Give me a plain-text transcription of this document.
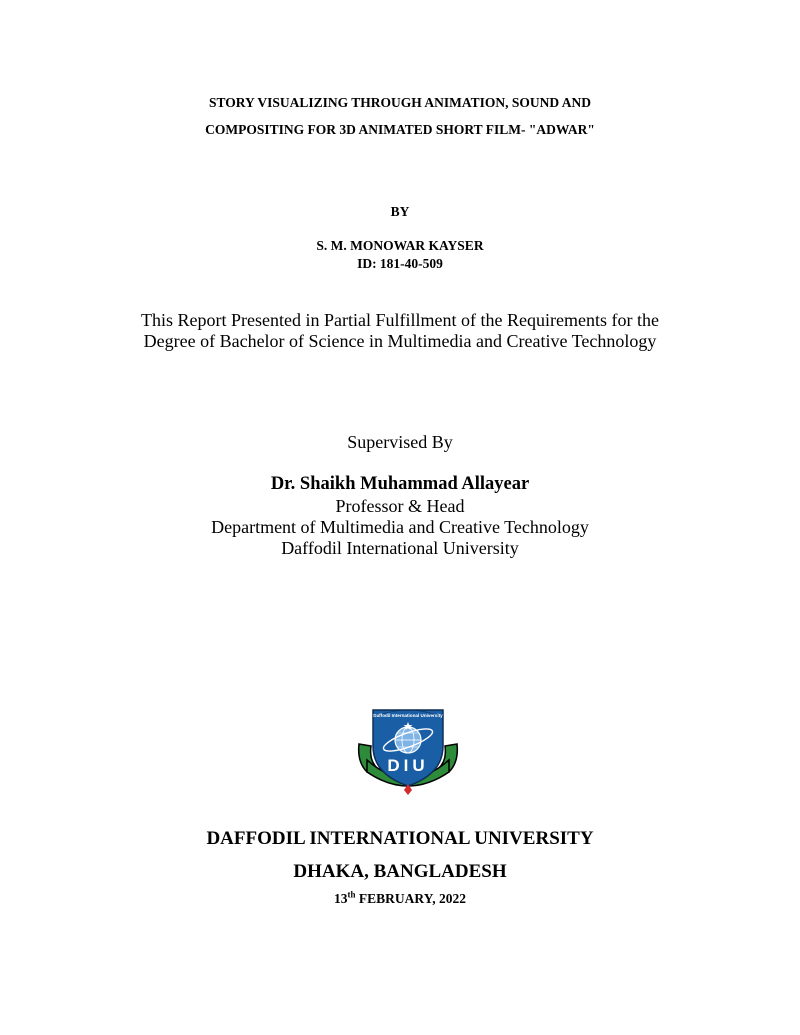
STORY VISUALIZING THROUGH ANIMATION, SOUND AND

COMPOSITING FOR 3D ANIMATED SHORT FILM- "ADWAR"

BY

S. M. MONOWAR KAYSER

ID: 181-40-509

This Report Presented in Partial Fulfillment of the Requirements for the

Degree of Bachelor of Science in Multimedia and Creative Technology

Supervised By

Dr. Shaikh Muhammad Allayear

Professor & Head

Department of Multimedia and Creative Technology

Daffodil International University

Daffodil International University
DIU

DAFFODIL INTERNATIONAL UNIVERSITY

DHAKA, BANGLADESH

13th FEBRUARY, 2022
